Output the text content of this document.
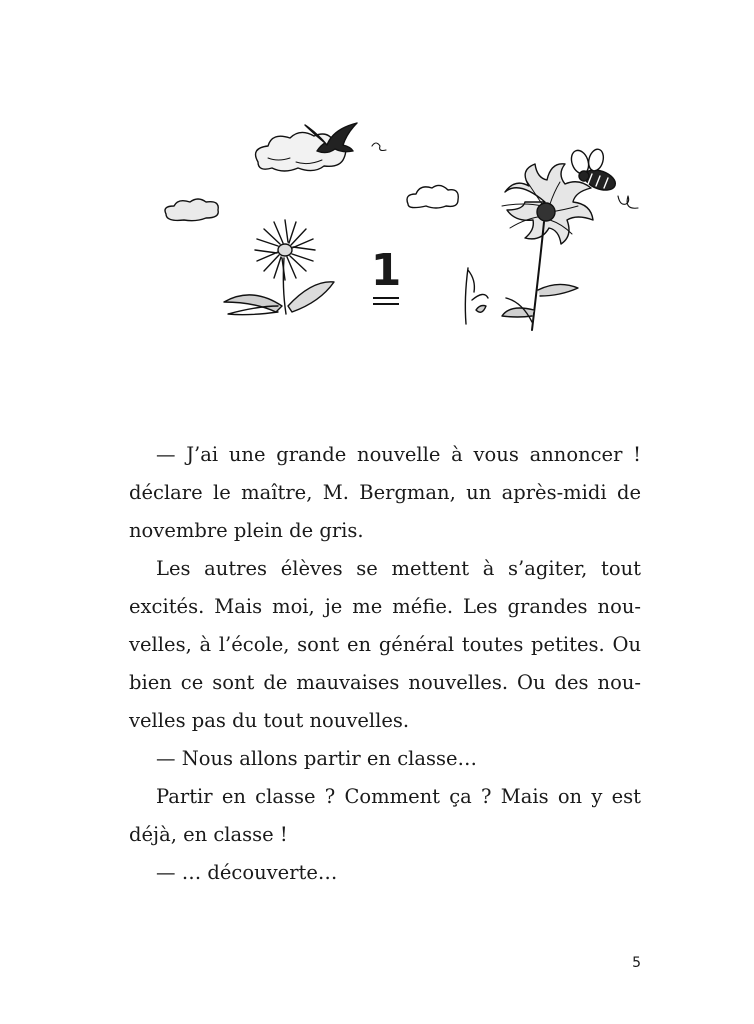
1

— J’ai une grande nouvelle à vous annoncer ! déclare le maître, M. Bergman, un après-midi de novembre plein de gris.

Les autres élèves se mettent à s’agiter, tout excités. Mais moi, je me méfie. Les grandes nouvelles, à l’école, sont en général toutes petites. Ou bien ce sont de mauvaises nouvelles. Ou des nouvelles pas du tout nouvelles.

— Nous allons partir en classe…

Partir en classe ? Comment ça ? Mais on y est déjà, en classe !

— … découverte…

5
